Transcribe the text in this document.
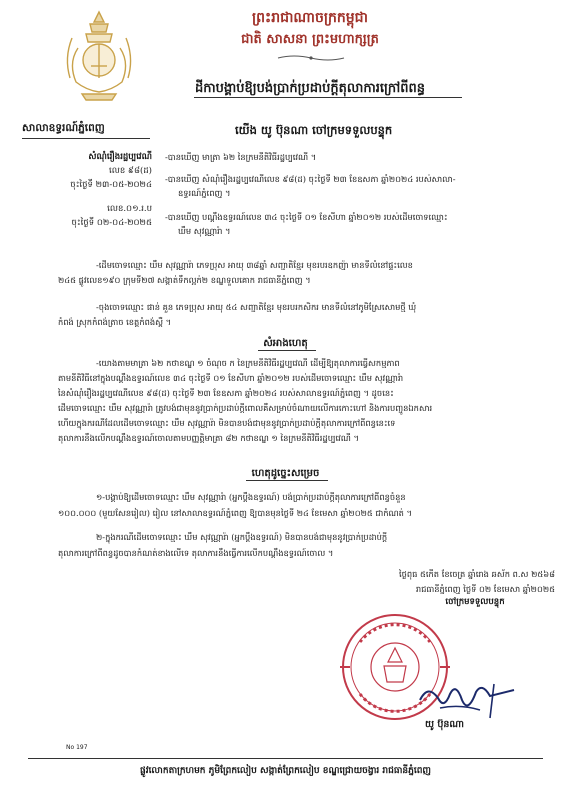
ព្រះរាជាណាចក្រកម្ពុជា
ជាតិ សាសនា ព្រះមហាក្សត្រ
ដីកាបង្គាប់ឱ្យបង់ប្រាក់ប្រដាប់ក្តីតុលាការក្រៅពីពន្ធ
សាលាឧទ្ធរណ៍ភ្នំពេញ	យើង យូ ប៊ុនណា ចៅក្រមទទួលបន្ទុក
សំណុំរឿងរដ្ឋប្បវេណី
លេខ ៩៨(ដ)
ចុះថ្ងៃទី ២៣-០៥-២០២៤
លេខ.០១.រ.ប
ចុះថ្ងៃទី ០២-០៤-២០២៥
-បានឃើញ មាត្រា ៦២ នៃក្រមនីតិវិធីរដ្ឋប្បវេណី ។
-បានឃើញ សំណុំរឿងរដ្ឋប្បវេណីលេខ ៩៨(ដ) ចុះថ្ងៃទី ២៣ ខែឧសភា ឆ្នាំ២០២៤ របស់សាលា-
ឧទ្ធរណ៍ភ្នំពេញ ។
-បានឃើញ បណ្តឹងឧទ្ធរណ៍លេខ ៣៤ ចុះថ្ងៃទី ០១ ខែសីហា ឆ្នាំ២០១២ របស់ដើមចោទឈ្មោះ
ឃឹម សុវណ្ណារ៉ា ។
-ដើមចោទឈ្មោះ ឃឹម សុវណ្ណារ៉ា ភេទប្រុស អាយុ ៣៨ឆ្នាំ សញ្ជាតិខ្មែរ មុខរបរឧកញ៉ា មានទីលំនៅផ្ទះលេខ
២៤៥ ផ្លូវលេខ១៩០ ក្រុមទី២៧ សង្កាត់ទឹកល្អក់២ ខណ្ឌទួលគោក រាជធានីភ្នំពេញ ។
-ចុងចោទឈ្មោះ ផាន់ គួន ភេទប្រុស អាយុ ៥៤ សញ្ជាតិខ្មែរ មុខរបរកសិករ មានទីលំនៅភូមិស្រែសោមថ្មី ឃុំ
កំពង់ ស្រុកកំពង់ត្រាច ខេត្តកំពង់ស្ពឺ ។
សំអាងហេតុ
-យោងតាមមាត្រា ៦២ កថាខណ្ឌ ១ ចំណុច ក នៃក្រមនីតិវិធីរដ្ឋប្បវេណី ដើម្បីឱ្យតុលាការធ្វើសកម្មភាព
តាមនីតិវិធីនៅក្នុងបណ្តឹងឧទ្ធរណ៍លេខ ៣៤ ចុះថ្ងៃទី ០១ ខែសីហា ឆ្នាំ២០១២ របស់ដើមចោទឈ្មោះ ឃឹម សុវណ្ណារ៉ា
នៃសំណុំរឿងរដ្ឋប្បវេណីលេខ ៩៨(ដ) ចុះថ្ងៃទី ២៣ ខែឧសភា ឆ្នាំ២០២៤ របស់សាលាឧទ្ធរណ៍ភ្នំពេញ ។ ដូចនេះ
ដើមចោទឈ្មោះ ឃឹម សុវណ្ណារ៉ា ត្រូវបង់ជាមុននូវប្រាក់ប្រដាប់ក្តីពោលគឺសម្រាប់ចំណាយលើការកោះហៅ និងការបញ្ជូនឯកសារ
ហើយក្នុងករណីដែលដើមចោទឈ្មោះ ឃឹម សុវណ្ណារ៉ា មិនបានបង់ជាមុននូវប្រាក់ប្រដាប់ក្តីតុលាការក្រៅពីពន្ធនេះទេ
តុលាការនឹងលើកបណ្តឹងឧទ្ធរណ៍ចោលតាមបញ្ញត្តិមាត្រា ៨២ កថាខណ្ឌ ១ នៃក្រមនីតិវិធីរដ្ឋប្បវេណី ។
ហេតុដូច្នេះសម្រេច
១-បង្គាប់ឱ្យដើមចោទឈ្មោះ ឃឹម សុវណ្ណារ៉ា (អ្នកប្តឹងឧទ្ធរណ៍) បង់ប្រាក់ប្រដាប់ក្តីតុលាការក្រៅពីពន្ធចំនួន
១០០.០០០ (មួយសែនរៀល) រៀល នៅសាលាឧទ្ធរណ៍ភ្នំពេញ ឱ្យបានមុនថ្ងៃទី ២៤ ខែមេសា ឆ្នាំ២០២៥ ជាកំណត់ ។
២-ក្នុងករណីដើមចោទឈ្មោះ ឃឹម សុវណ្ណារ៉ា (អ្នកប្តឹងឧទ្ធរណ៍) មិនបានបង់ជាមុននូវប្រាក់ប្រដាប់ក្តី
តុលាការក្រៅពីពន្ធដូចបានកំណត់ខាងលើទេ តុលាការនឹងធ្វើការលើកបណ្តឹងឧទ្ធរណ៍ចោល ។
ថ្ងៃពុធ ៥កើត ខែចេត្រ ឆ្នាំរោង ឆស័ក ព.ស ២៥៦៨
រាជធានីភ្នំពេញ ថ្ងៃទី ០២ ខែមេសា ឆ្នាំ២០២៥
ចៅក្រមទទួលបន្ទុក
យូ ប៊ុនណា
No 197
ផ្លូវលោកតាក្រហមក ភូមិព្រែកលៀប សង្កាត់ព្រែកលៀប ខណ្ឌជ្រោយចង្វារ រាជធានីភ្នំពេញ
